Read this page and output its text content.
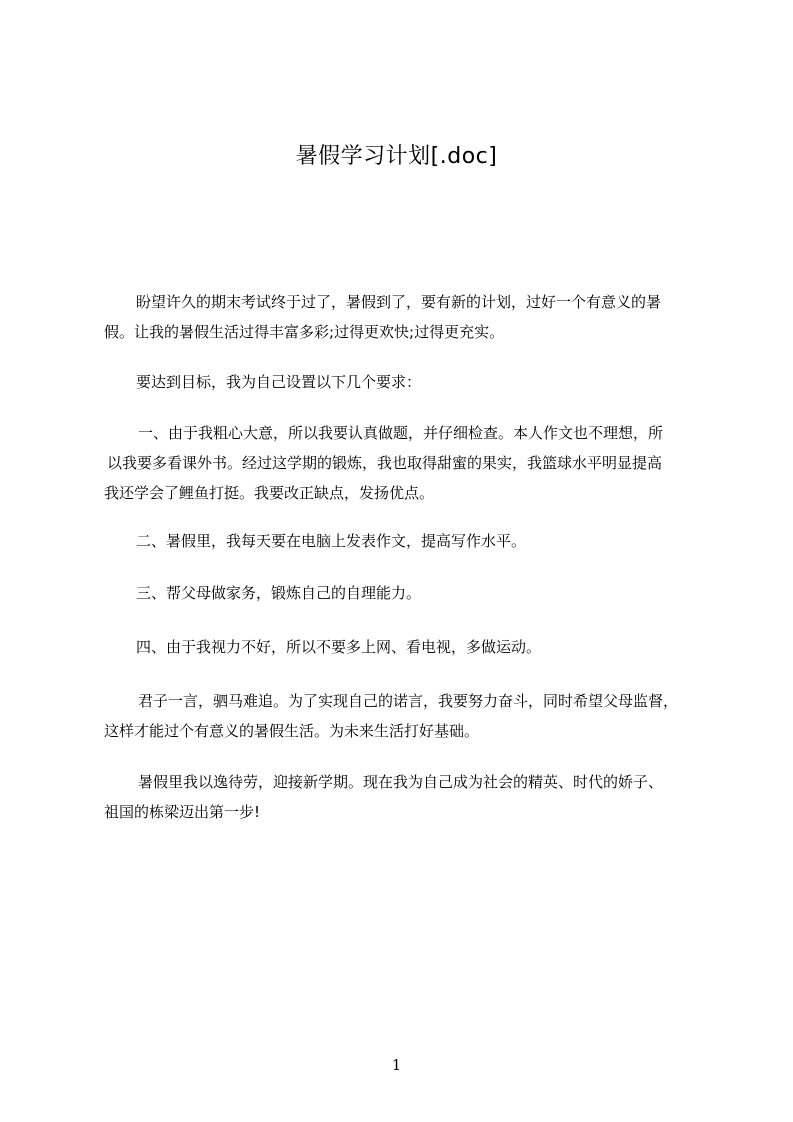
暑假学习计划[.doc]
盼望许久的期末考试终于过了，暑假到了，要有新的计划，过好一个有意义的暑
假。让我的暑假生活过得丰富多彩;过得更欢快;过得更充实。
要达到目标，我为自己设置以下几个要求：
一、由于我粗心大意，所以我要认真做题，并仔细检查。本人作文也不理想，所
以我要多看课外书。经过这学期的锻炼，我也取得甜蜜的果实，我篮球水平明显提高
我还学会了鲤鱼打挺。我要改正缺点，发扬优点。
二、暑假里，我每天要在电脑上发表作文，提高写作水平。
三、帮父母做家务，锻炼自己的自理能力。
四、由于我视力不好，所以不要多上网、看电视，多做运动。
君子一言，驷马难追。为了实现自己的诺言，我要努力奋斗，同时希望父母监督，
这样才能过个有意义的暑假生活。为未来生活打好基础。
暑假里我以逸待劳，迎接新学期。现在我为自己成为社会的精英、时代的娇子、
祖国的栋梁迈出第一步!
1
